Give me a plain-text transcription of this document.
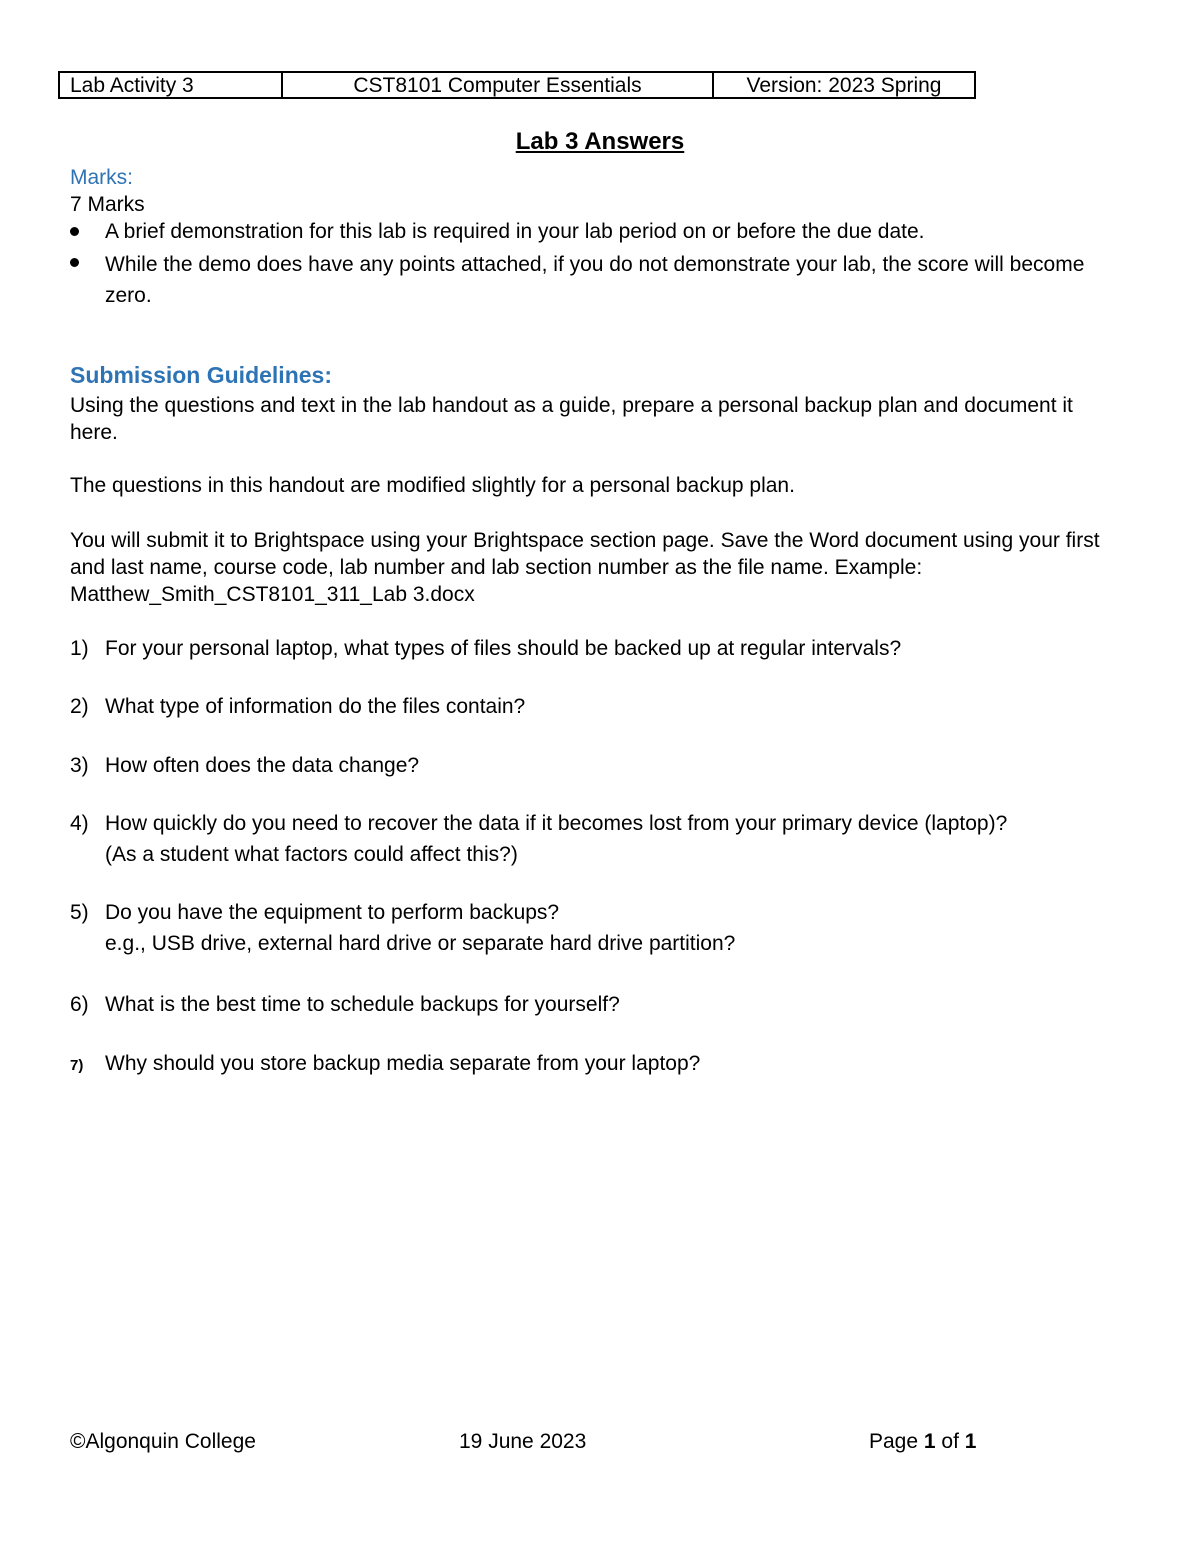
Lab Activity 3	CST8101 Computer Essentials	Version: 2023 Spring
Lab 3 Answers
Marks:
7 Marks
A brief demonstration for this lab is required in your lab period on or before the due date.
While the demo does have any points attached, if you do not demonstrate your lab, the score will become zero.
Submission Guidelines:
Using the questions and text in the lab handout as a guide, prepare a personal backup plan and document it here.
The questions in this handout are modified slightly for a personal backup plan.
You will submit it to Brightspace using your Brightspace section page. Save the Word document using your first and last name, course code, lab number and lab section number as the file name. Example: Matthew_Smith_CST8101_311_Lab 3.docx
1) For your personal laptop, what types of files should be backed up at regular intervals?
2) What type of information do the files contain?
3) How often does the data change?
4) How quickly do you need to recover the data if it becomes lost from your primary device (laptop)?
(As a student what factors could affect this?)
5) Do you have the equipment to perform backups?
e.g., USB drive, external hard drive or separate hard drive partition?
6) What is the best time to schedule backups for yourself?
7) Why should you store backup media separate from your laptop?
©Algonquin College	19 June 2023	Page 1 of 1
